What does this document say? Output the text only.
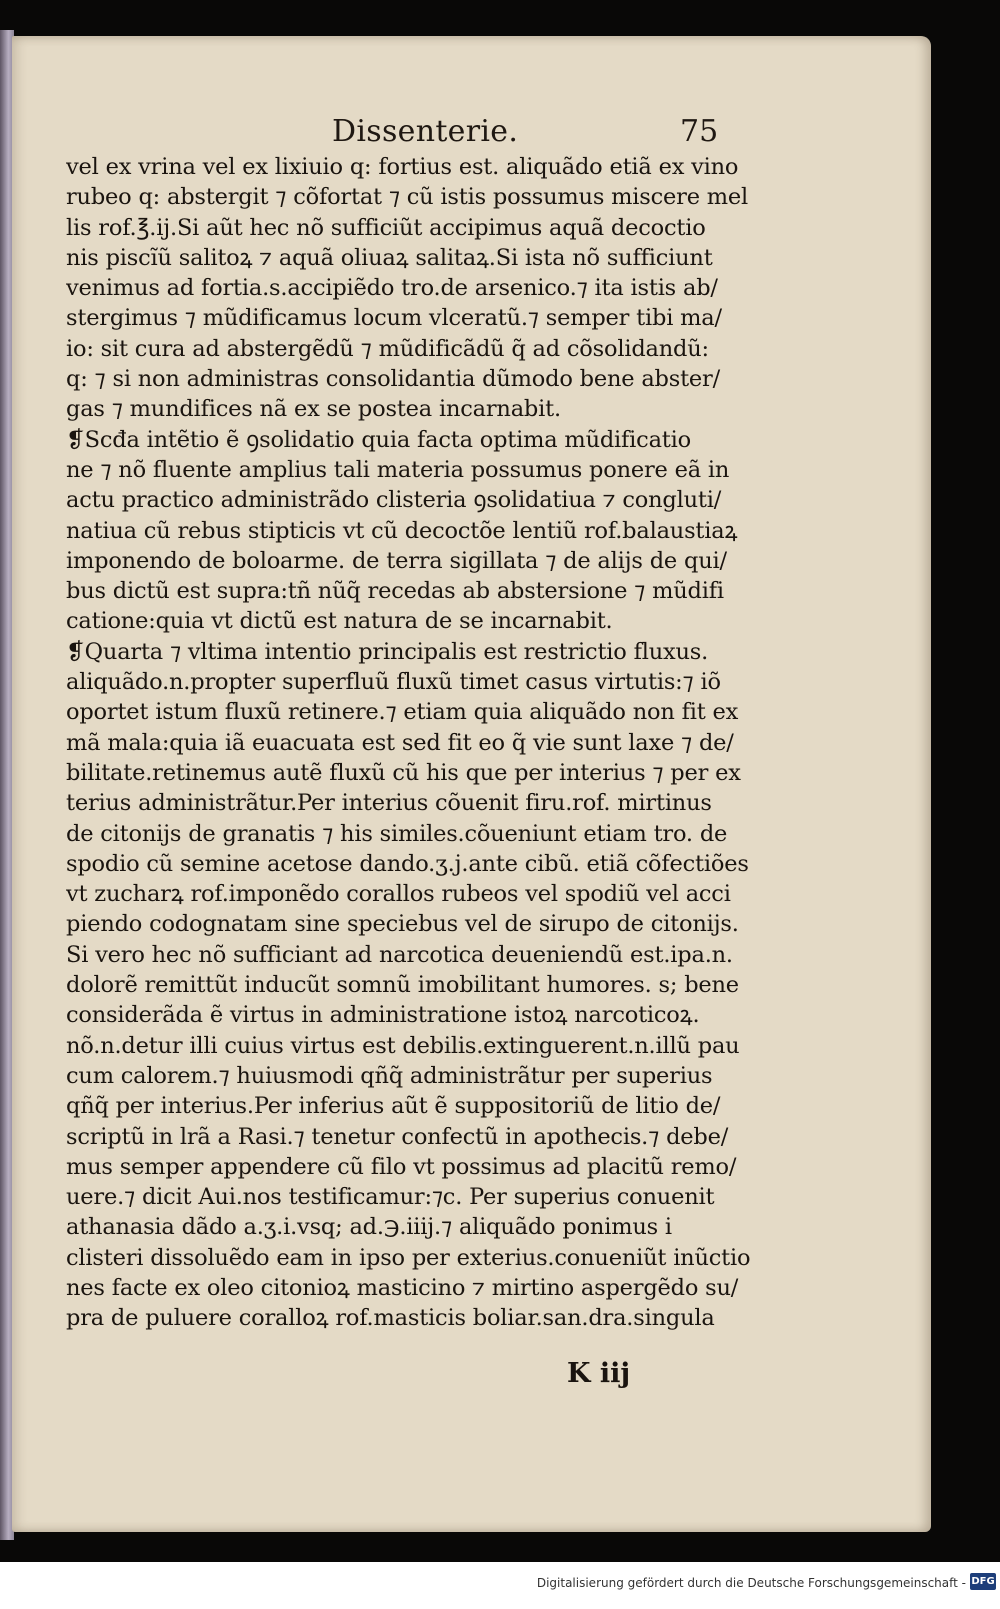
Dissenterie.	75
vel ex vrina vel ex lixiuio q: fortius est. aliquãdo etiã ex vino
rubeo q: abstergit ⁊ cõfortat ⁊ cũ istis possumus miscere mel
lis rof.℥.ij.Si aũt hec nõ sufficiũt accipimus aquã decoctio
nis piscĩũ salitoꝝ ⁊ aquã oliuaꝝ salitaꝝ.Si ista nõ sufficiunt
venimus ad fortia.s.accipiẽdo tro.de arsenico.⁊ ita istis ab/
stergimus ⁊ mũdificamus locum vlceratũ.⁊ semper tibi ma/
io: sit cura ad abstergẽdũ ⁊ mũdificãdũ q̃ ad cõsolidandũ:
q: ⁊ si non administras consolidantia dũmodo bene abster/
gas ⁊ mundifices nã ex se postea incarnabit.
❡Scđa intẽtio ẽ ꝯsolidatio quia facta optima mũdificatio
ne ⁊ nõ fluente amplius tali materia possumus ponere eã in
actu practico administrãdo clisteria ꝯsolidatiua ⁊ congluti/
natiua cũ rebus stipticis vt cũ decoctõe lentiũ rof.balaustiaꝝ
imponendo de boloarme. de terra sigillata ⁊ de alijs de qui/
bus dictũ est supra:tñ nũq̃ recedas ab abstersione ⁊ mũdifi
catione:quia vt dictũ est natura de se incarnabit.
❡Quarta ⁊ vltima intentio principalis est restrictio fluxus.
aliquãdo.n.propter superfluũ fluxũ timet casus virtutis:⁊ iõ
oportet istum fluxũ retinere.⁊ etiam quia aliquãdo non fit ex
mã mala:quia iã euacuata est sed fit eo q̃ vie sunt laxe ⁊ de/
bilitate.retinemus autẽ fluxũ cũ his que per interius ⁊ per ex
terius administrãtur.Per interius cõuenit firu.rof. mirtinus
de citonijs de granatis ⁊ his similes.cõueniunt etiam tro. de
spodio cũ semine acetose dando.ʒ.j.ante cibũ. etiã cõfectiões
vt zucharꝝ rof.imponẽdo corallos rubeos vel spodiũ vel acci
piendo codognatam sine speciebus vel de sirupo de citonijs.
Si vero hec nõ sufficiant ad narcotica deueniendũ est.ipa.n.
dolorẽ remittũt inducũt somnũ imobilitant humores. s; bene
considerãda ẽ virtus in administratione istoꝝ narcoticoꝝ.
nõ.n.detur illi cuius virtus est debilis.extinguerent.n.illũ pau
cum calorem.⁊ huiusmodi qñq̃ administrãtur per superius
qñq̃ per interius.Per inferius aũt ẽ suppositoriũ de litio de/
scriptũ in lrã a Rasi.⁊ tenetur confectũ in apothecis.⁊ debe/
mus semper appendere cũ filo vt possimus ad placitũ remo/
uere.⁊ dicit Aui.nos testificamur:⁊c. Per superius conuenit
athanasia dãdo a.ʒ.i.vsq; ad.℈.iiij.⁊ aliquãdo ponimus i
clisteri dissoluẽdo eam in ipso per exterius.conueniũt inũctio
nes facte ex oleo citonioꝝ masticino ⁊ mirtino aspergẽdo su/
pra de puluere coralloꝝ rof.masticis boliar.san.dra.singula
K iij
Digitalisierung gefördert durch die Deutsche Forschungsgemeinschaft - DFG
